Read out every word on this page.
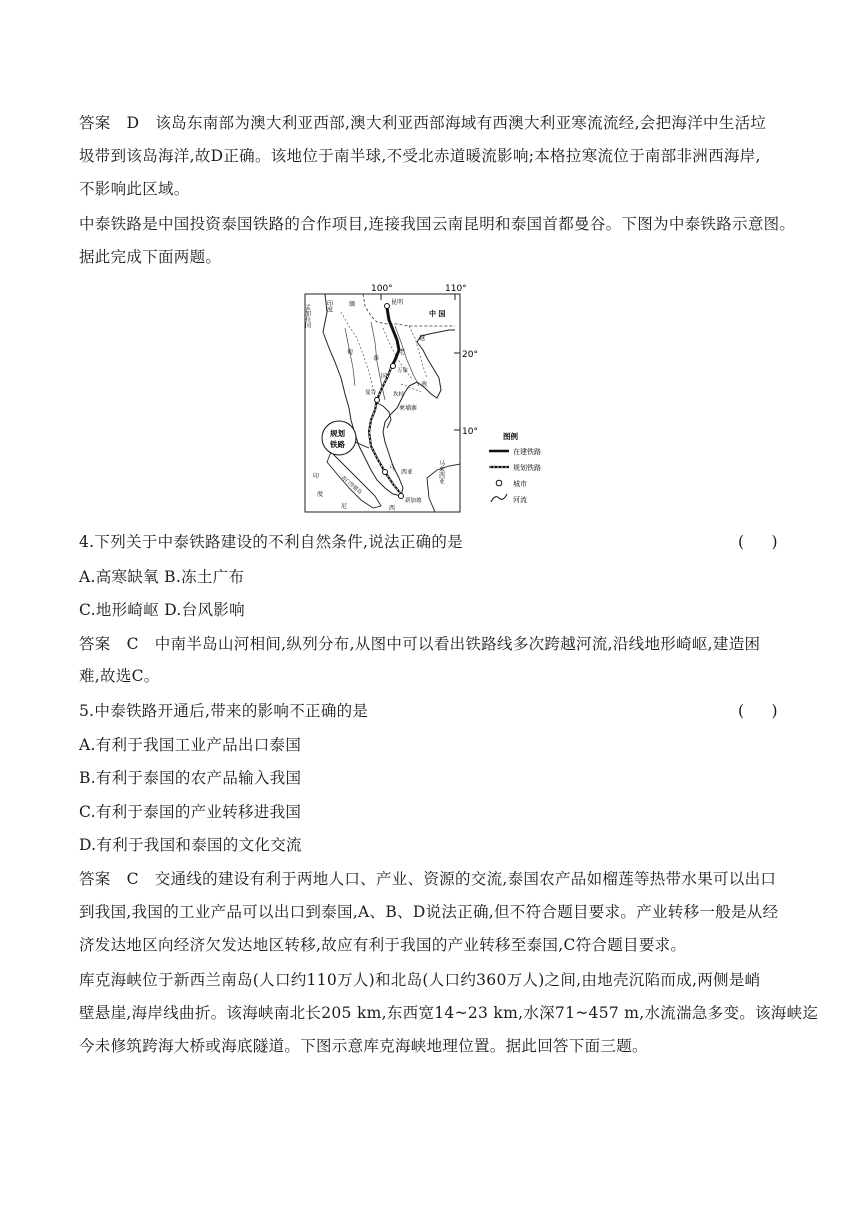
答案 D 该岛东南部为澳大利亚西部,澳大利亚西部海域有西澳大利亚寒流流经,会把海洋中生活垃
圾带到该岛海洋,故D正确。该地位于南半球,不受北赤道暖流影响;本格拉寒流位于南部非洲西海岸,
不影响此区域。
中泰铁路是中国投资泰国铁路的合作项目,连接我国云南昆明和泰国首都曼谷。下图为中泰铁路示意图。
据此完成下面两题。
100°	110°
20°
10°
昆明
中 国
孟加拉国	印度	缅
甸
泰
国
老
万象
越
南
曼谷	坎桂
柬埔寨
马
西亚	马来西亚
新加坡
印
度
尼	西
苏门答腊岛
规划
铁路
图例
在建铁路
规划铁路
城市
河流
4.下列关于中泰铁路建设的不利自然条件,说法正确的是	(　)
A.高寒缺氧 B.冻土广布
C.地形崎岖 D.台风影响
答案 C 中南半岛山河相间,纵列分布,从图中可以看出铁路线多次跨越河流,沿线地形崎岖,建造困
难,故选C。
5.中泰铁路开通后,带来的影响不正确的是	(　)
A.有利于我国工业产品出口泰国
B.有利于泰国的农产品输入我国
C.有利于泰国的产业转移进我国
D.有利于我国和泰国的文化交流
答案 C 交通线的建设有利于两地人口、产业、资源的交流,泰国农产品如榴莲等热带水果可以出口
到我国,我国的工业产品可以出口到泰国,A、B、D说法正确,但不符合题目要求。产业转移一般是从经
济发达地区向经济欠发达地区转移,故应有利于我国的产业转移至泰国,C符合题目要求。
库克海峡位于新西兰南岛(人口约110万人)和北岛(人口约360万人)之间,由地壳沉陷而成,两侧是峭
壁悬崖,海岸线曲折。该海峡南北长205 km,东西宽14~23 km,水深71~457 m,水流湍急多变。该海峡迄
今未修筑跨海大桥或海底隧道。下图示意库克海峡地理位置。据此回答下面三题。
